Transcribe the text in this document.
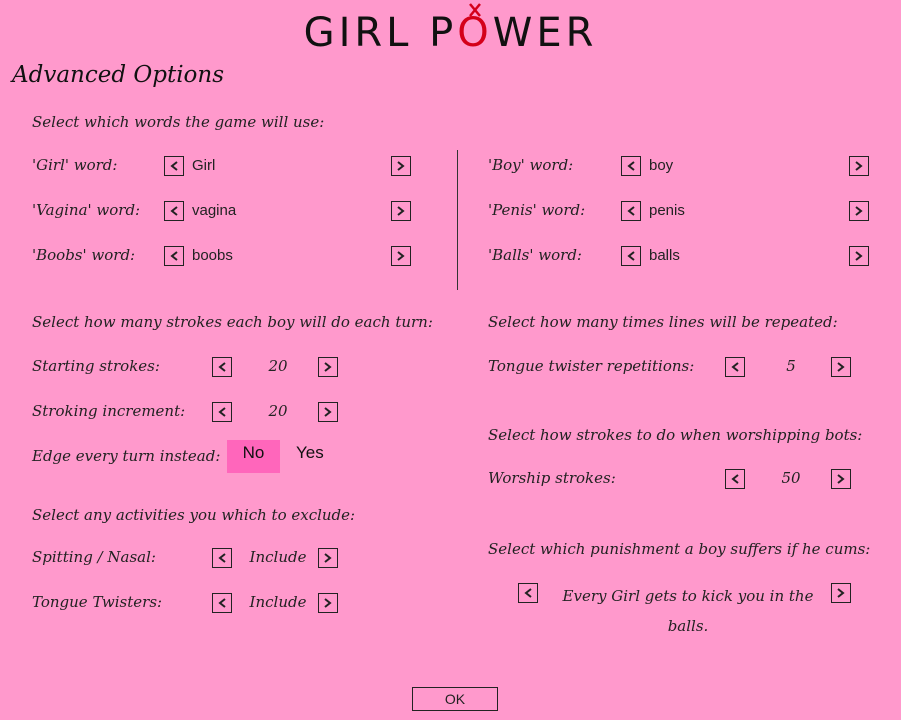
GIRL PO
WER
Advanced Options
Select which words the game will use:
'Girl' word:	Girl
'Vagina' word:	vagina
'Boobs' word:	boobs
'Boy' word:	boy
'Penis' word:	penis
'Balls' word:	balls
Select how many strokes each boy will do each turn:
Starting strokes:	20
Stroking increment:	20
Edge every turn instead:	No	Yes
Select any activities you which to exclude:
Spitting / Nasal:	Include
Tongue Twisters:	Include
Select how many times lines will be repeated:
Tongue twister repetitions:	5
Select how strokes to do when worshipping bots:
Worship strokes:	50
Select which punishment a boy suffers if he cums:
Every Girl gets to kick you in the balls.
OK
